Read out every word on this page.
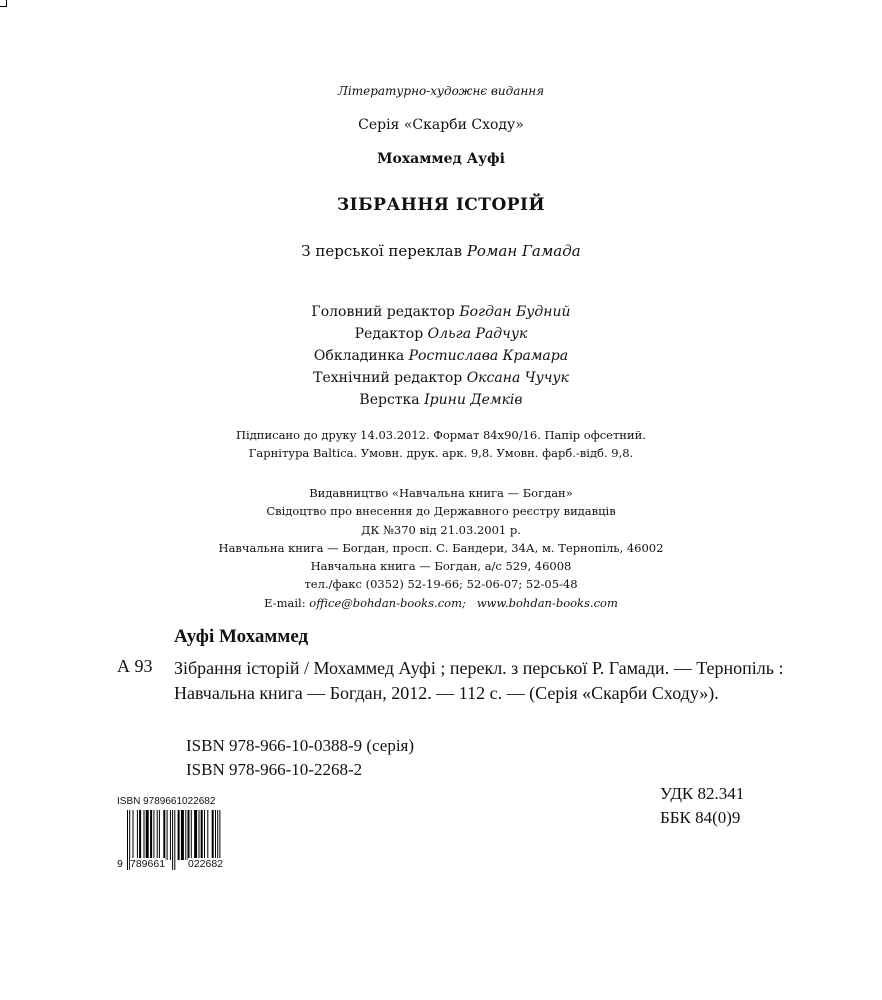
Літературно-художнє видання
Серія «Скарби Сходу»
Мохаммед Ауфі
ЗІБРАННЯ ІСТОРІЙ
З перської переклав Роман Гамада
Головний редактор Богдан Будний
Редактор Ольга Радчук
Обкладинка Ростислава Крамара
Технічний редактор Оксана Чучук
Верстка Ірини Демків
Підписано до друку 14.03.2012. Формат 84х90/16. Папір офсетний.
Гарнітура Baltica. Умовн. друк. арк. 9,8. Умовн. фарб.-відб. 9,8.
Видавництво «Навчальна книга — Богдан»
Свідоцтво про внесення до Державного реєстру видавців
ДК №370 від 21.03.2001 р.
Навчальна книга — Богдан, просп. С. Бандери, 34А, м. Тернопіль, 46002
Навчальна книга — Богдан, а/с 529, 46008
тел./факс (0352) 52-19-66; 52-06-07; 52-05-48
E-mail: office@bohdan-books.com; www.bohdan-books.com
Ауфі Мохаммед
А 93 Зібрання історій / Мохаммед Ауфі ; перекл. з перської Р. Гамади. — Тернопіль : Навчальна книга — Богдан, 2012. — 112 с. — (Серія «Скарби Сходу»).
ISBN 978-966-10-0388-9 (серія)
ISBN 978-966-10-2268-2
УДК 82.341
ББК 84(0)9
ISBN 9789661022682
9 789661 022682
